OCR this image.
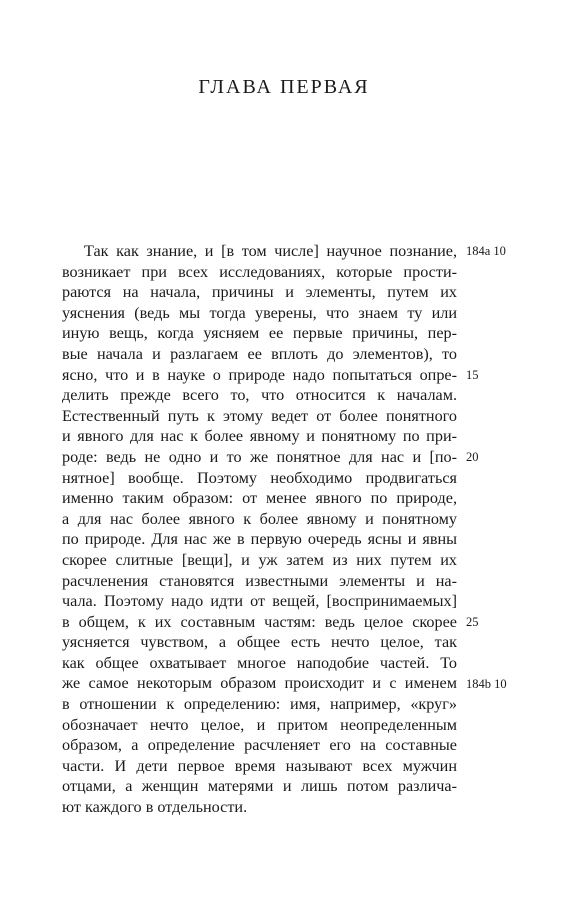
ГЛАВА ПЕРВАЯ
Так как знание, и [в том числе] научное познание,
возникает при всех исследованиях, которые прости-
раются на начала, причины и элементы, путем их
уяснения (ведь мы тогда уверены, что знаем ту или
иную вещь, когда уясняем ее первые причины, пер-
вые начала и разлагаем ее вплоть до элементов), то
ясно, что и в науке о природе надо попытаться опре-
делить прежде всего то, что относится к началам.
Естественный путь к этому ведет от более понятного
и явного для нас к более явному и понятному по при-
роде: ведь не одно и то же понятное для нас и [по-
нятное] вообще. Поэтому необходимо продвигаться
именно таким образом: от менее явного по природе,
а для нас более явного к более явному и понятному
по природе. Для нас же в первую очередь ясны и явны
скорее слитные [вещи], и уж затем из них путем их
расчленения становятся известными элементы и на-
чала. Поэтому надо идти от вещей, [воспринимаемых]
в общем, к их составным частям: ведь целое скорее
уясняется чувством, а общее есть нечто целое, так
как общее охватывает многое наподобие частей. То
же самое некоторым образом происходит и с именем
в отношении к определению: имя, например, «круг»
обозначает нечто целое, и притом неопределенным
образом, а определение расчленяет его на составные
части. И дети первое время называют всех мужчин
отцами, а женщин матерями и лишь потом различа-
ют каждого в отдельности.
184a 10
15
20
25
184b 10
